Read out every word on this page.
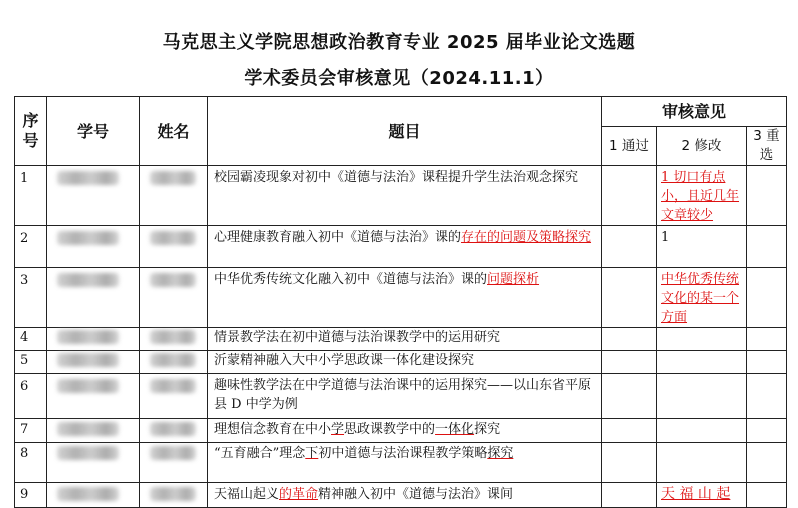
马克思主义学院思想政治教育专业 2025 届毕业论文选题
学术委员会审核意见（2024.11.1）
序号	学号	姓名	题目	审核意见		
				1 通过	2 修改	3 重选
1			校园霸凌现象对初中《道德与法治》课程提升学生法治观念探究		1 切口有点小，且近几年文章较少	
2			心理健康教育融入初中《道德与法治》课的存在的问题及策略探究		1	
3			中华优秀传统文化融入初中《道德与法治》课的问题探析		中华优秀传统文化的某一个方面	
4			情景教学法在初中道德与法治课教学中的运用研究			
5			沂蒙精神融入大中小学思政课一体化建设探究			
6			趣味性教学法在中学道德与法治课中的运用探究——以山东省平原县 D 中学为例			
7			理想信念教育在中小学思政课教学中的一体化探究			
8			“五育融合”理念下初中道德与法治课程教学策略探究			
9			天福山起义的革命精神融入初中《道德与法治》课间		天 福 山 起	
